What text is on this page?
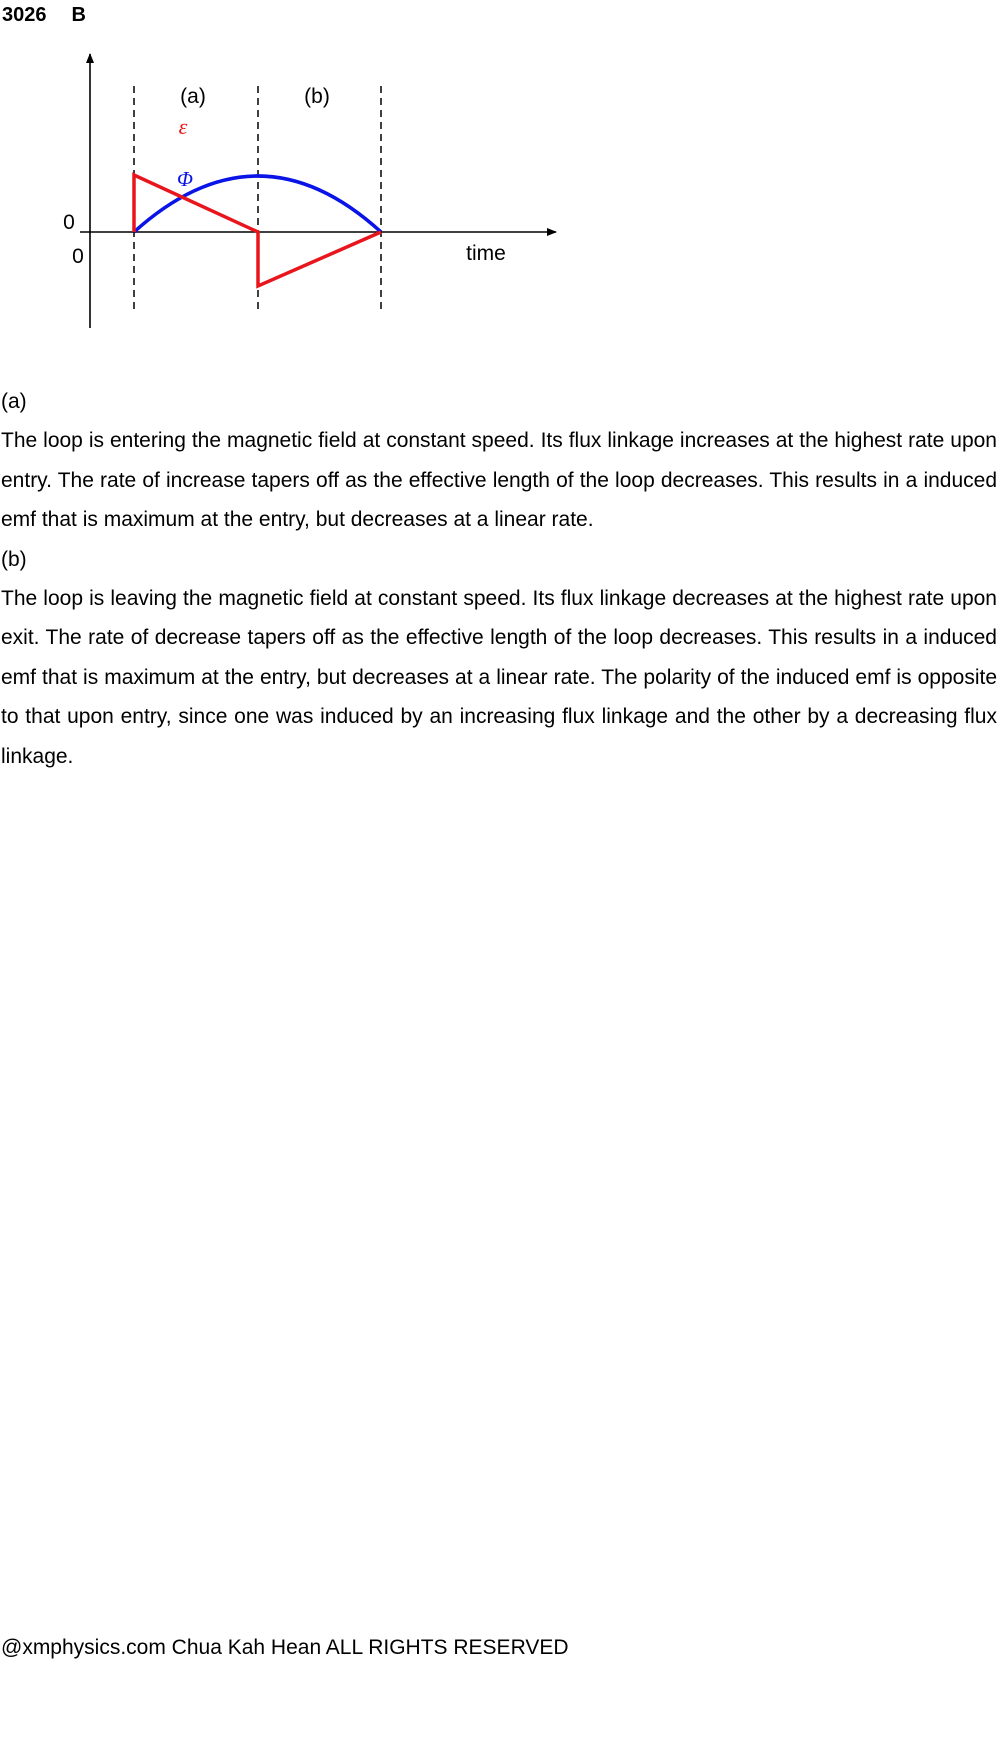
3026 B
(a)	(b)
ε
Φ
0
0	time
(a)

The loop is entering the magnetic field at constant speed. Its flux linkage increases at the highest rate upon entry. The rate of increase tapers off as the effective length of the loop decreases. This results in a induced emf that is maximum at the entry, but decreases at a linear rate.

(b)

The loop is leaving the magnetic field at constant speed. Its flux linkage decreases at the highest rate upon exit. The rate of decrease tapers off as the effective length of the loop decreases. This results in a induced emf that is maximum at the entry, but decreases at a linear rate. The polarity of the induced emf is opposite to that upon entry, since one was induced by an increasing flux linkage and the other by a decreasing flux linkage.

@xmphysics.com Chua Kah Hean ALL RIGHTS RESERVED
